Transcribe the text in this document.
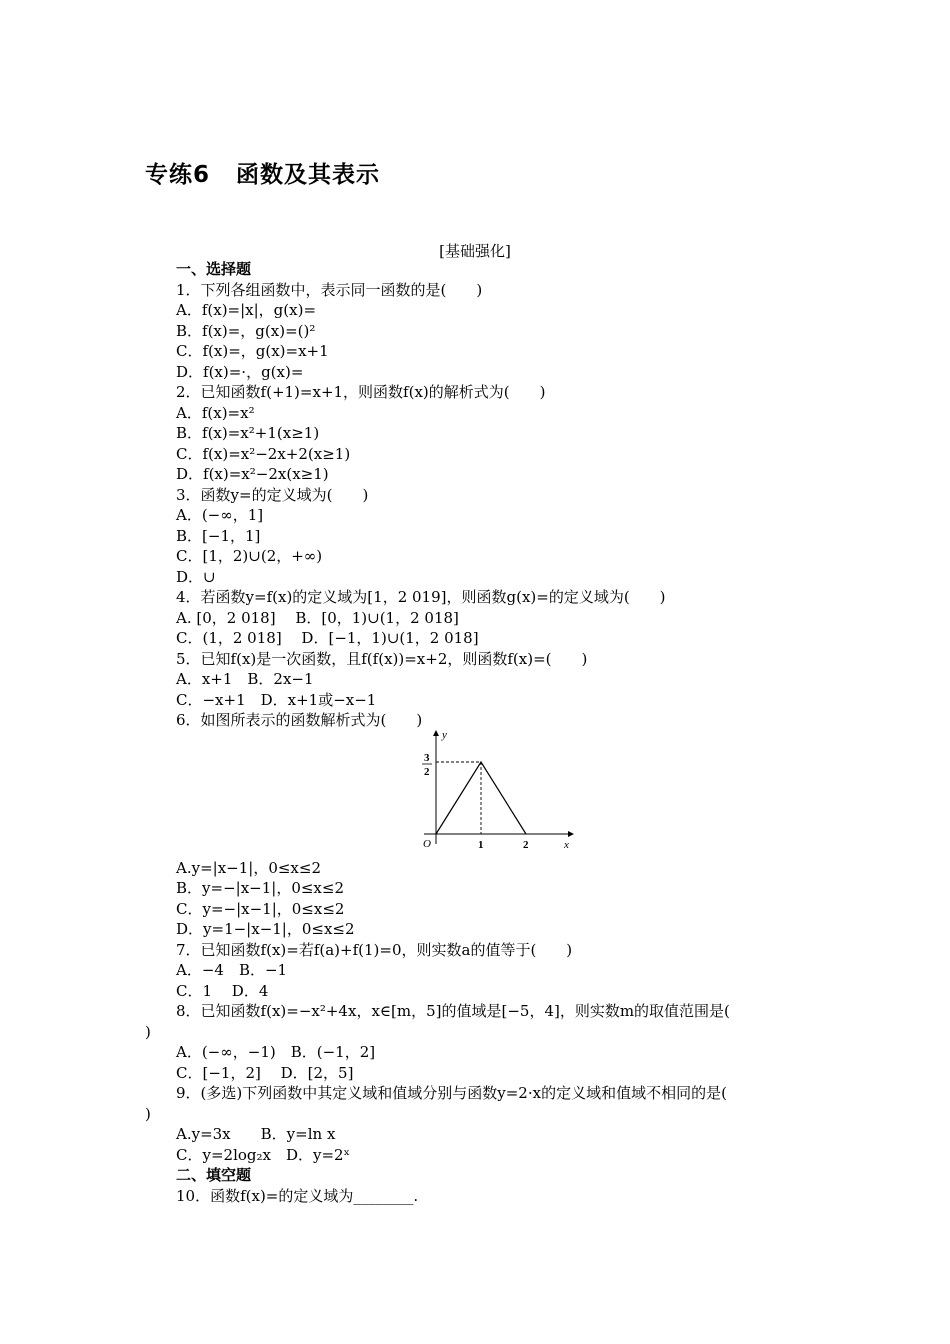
专练6 函数及其表示
[基础强化]
一、选择题
1．下列各组函数中，表示同一函数的是(　　)
A．f(x)=|x|，g(x)=
B．f(x)=，g(x)=()²
C．f(x)=，g(x)=x+1
D．f(x)=·，g(x)=
2．已知函数f(+1)=x+1，则函数f(x)的解析式为(　　)
A．f(x)=x²
B．f(x)=x²+1(x≥1)
C．f(x)=x²−2x+2(x≥1)
D．f(x)=x²−2x(x≥1)
3．函数y=的定义域为(　　)
A．(−∞，1]
B．[−1，1]
C．[1，2)∪(2，+∞)
D．∪
4．若函数y=f(x)的定义域为[1，2 019]，则函数g(x)=的定义域为(　　)
A. [0，2 018]　 B．[0，1)∪(1，2 018]
C．(1，2 018]　 D．[−1，1)∪(1，2 018]
5．已知f(x)是一次函数，且f(f(x))=x+2，则函数f(x)=(　　)
A．x+1　B．2x−1
C．−x+1　D．x+1或−x−1
6．如图所表示的函数解析式为(　　)
A.y=|x−1|，0≤x≤2
B．y=−|x−1|，0≤x≤2
C．y=−|x−1|，0≤x≤2
D．y=1−|x−1|，0≤x≤2
7．已知函数f(x)=若f(a)+f(1)=0，则实数a的值等于(　　)
A．−4　B．−1
C．1　 D．4
8．已知函数f(x)=−x²+4x，x∈[m，5]的值域是[−5，4]，则实数m的取值范围是(
)
A．(−∞，−1)　B．(−1，2]
C．[−1，2]　 D．[2，5]
9．(多选)下列函数中其定义域和值域分别与函数y=2·x的定义域和值域不相同的是(
)
A.y=3x　　B．y=ln x
C．y=2log₂x　D．y=2ˣ
二、填空题
10．函数f(x)=的定义域为________.
y
x
O
3
2
1	2
